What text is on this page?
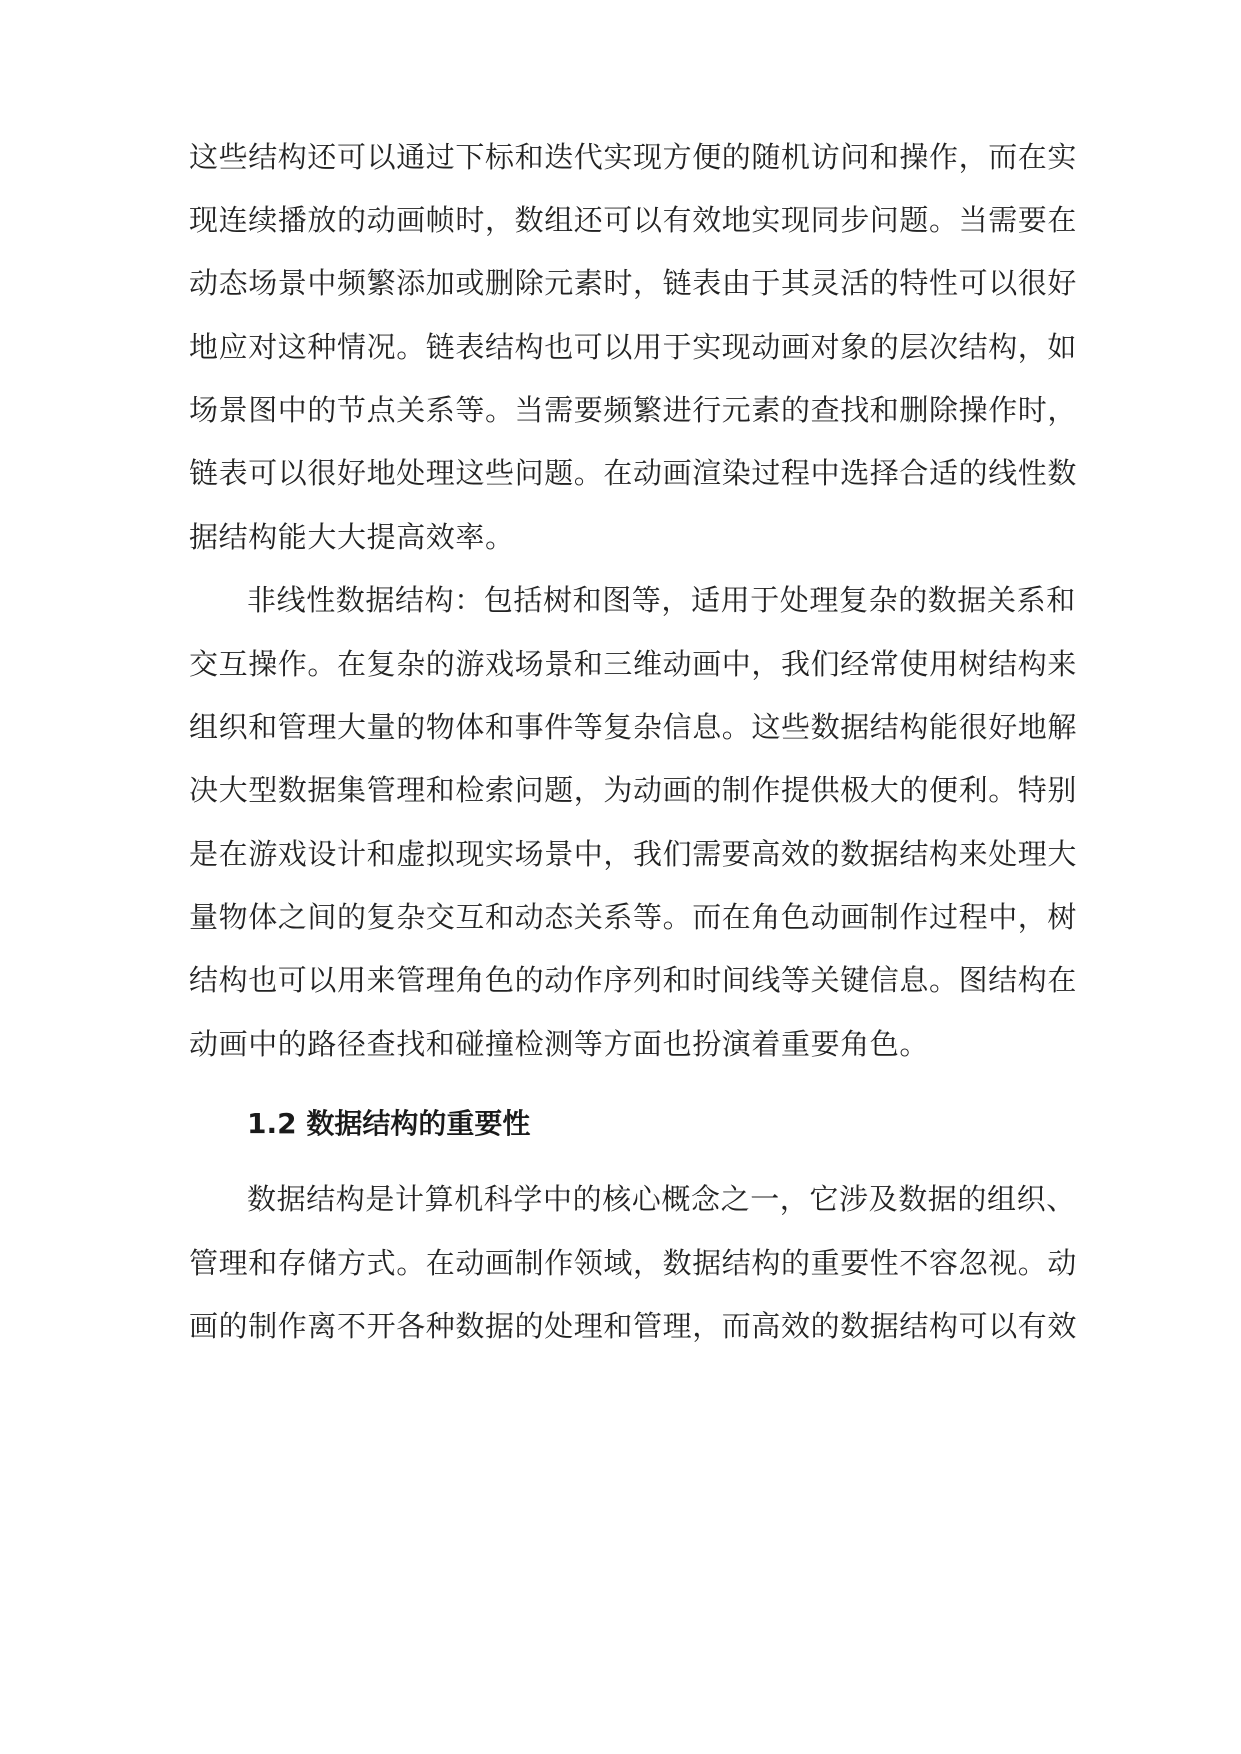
这些结构还可以通过下标和迭代实现方便的随机访问和操作，而在实
现连续播放的动画帧时，数组还可以有效地实现同步问题。当需要在
动态场景中频繁添加或删除元素时，链表由于其灵活的特性可以很好
地应对这种情况。链表结构也可以用于实现动画对象的层次结构，如
场景图中的节点关系等。当需要频繁进行元素的查找和删除操作时，
链表可以很好地处理这些问题。在动画渲染过程中选择合适的线性数
据结构能大大提高效率。
非线性数据结构：包括树和图等，适用于处理复杂的数据关系和
交互操作。在复杂的游戏场景和三维动画中，我们经常使用树结构来
组织和管理大量的物体和事件等复杂信息。这些数据结构能很好地解
决大型数据集管理和检索问题，为动画的制作提供极大的便利。特别
是在游戏设计和虚拟现实场景中，我们需要高效的数据结构来处理大
量物体之间的复杂交互和动态关系等。而在角色动画制作过程中，树
结构也可以用来管理角色的动作序列和时间线等关键信息。图结构在
动画中的路径查找和碰撞检测等方面也扮演着重要角色。
1.2 数据结构的重要性
数据结构是计算机科学中的核心概念之一，它涉及数据的组织、
管理和存储方式。在动画制作领域，数据结构的重要性不容忽视。动
画的制作离不开各种数据的处理和管理，而高效的数据结构可以有效
